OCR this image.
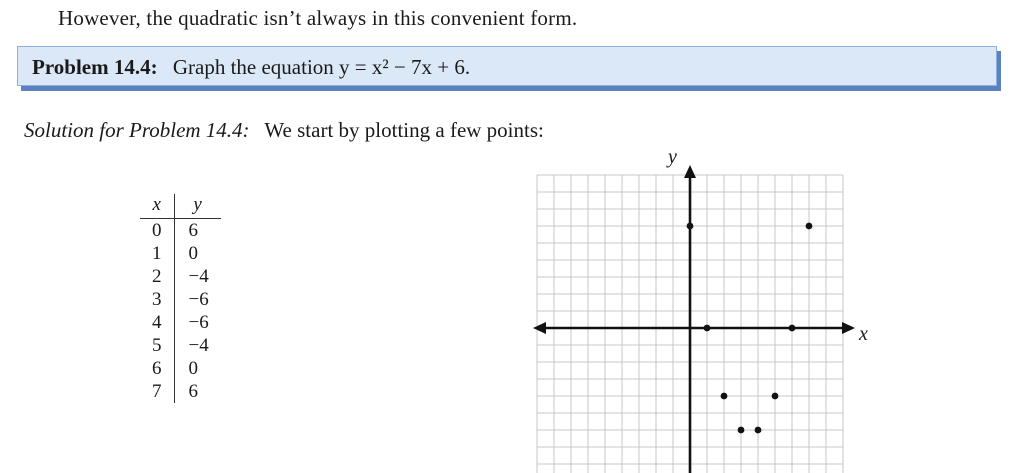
However, the quadratic isn’t always in this convenient form.
Problem 14.4: Graph the equation y = x² − 7x + 6.
Solution for Problem 14.4: We start by plotting a few points:
x	y
0	6
1	0
2	−4
3	−6
4	−6
5	−4
6	0
7	6
x
y
